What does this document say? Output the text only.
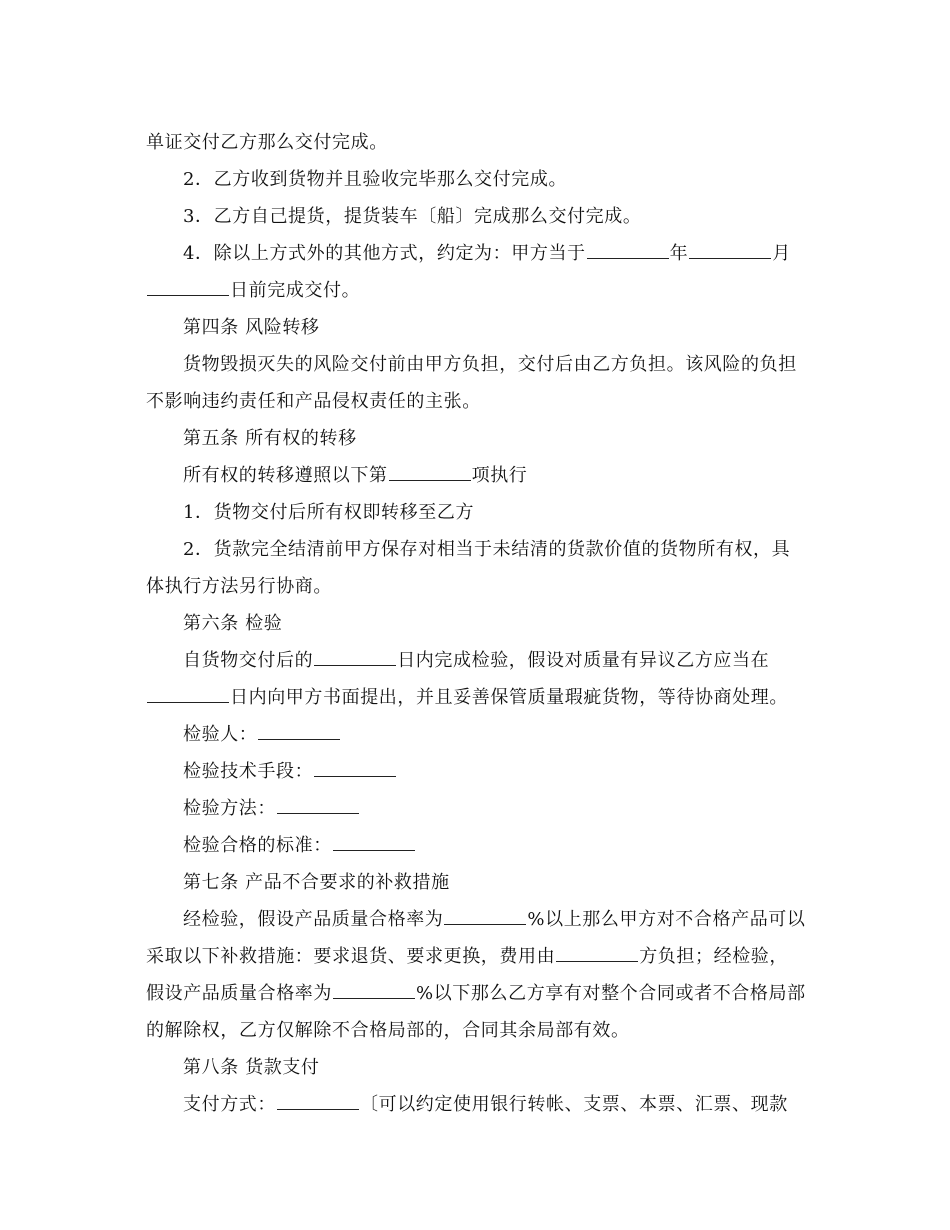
单证交付乙方那么交付完成。

2．乙方收到货物并且验收完毕那么交付完成。

3．乙方自己提货，提货装车〔船〕完成那么交付完成。

4．除以上方式外的其他方式，约定为：甲方当于	年	月

日前完成交付。

第四条 风险转移

货物毁损灭失的风险交付前由甲方负担，交付后由乙方负担。该风险的负担

不影响违约责任和产品侵权责任的主张。

第五条 所有权的转移

所有权的转移遵照以下第	项执行

1．货物交付后所有权即转移至乙方

2．货款完全结清前甲方保存对相当于未结清的货款价值的货物所有权，具

体执行方法另行协商。

第六条 检验

自货物交付后的	日内完成检验，假设对质量有异议乙方应当在

日内向甲方书面提出，并且妥善保管质量瑕疵货物，等待协商处理。

检验人：

检验技术手段：

检验方法：

检验合格的标准：

第七条 产品不合要求的补救措施

经检验，假设产品质量合格率为	%以上那么甲方对不合格产品可以

采取以下补救措施：要求退货、要求更换，费用由	方负担；经检验，

假设产品质量合格率为	%以下那么乙方享有对整个合同或者不合格局部

的解除权，乙方仅解除不合格局部的，合同其余局部有效。

第八条 货款支付

支付方式：	〔可以约定使用银行转帐、支票、本票、汇票、现款
